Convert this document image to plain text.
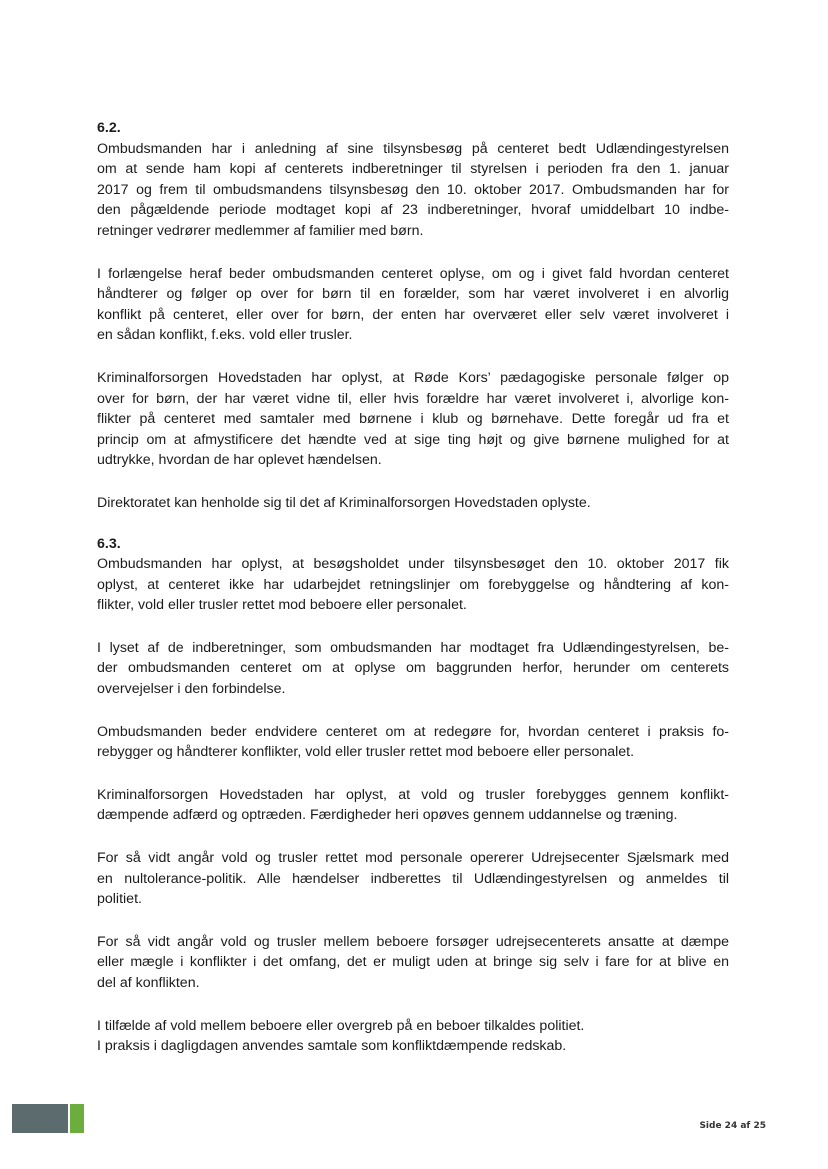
6.2.

Ombudsmanden har i anledning af sine tilsynsbesøg på centeret bedt Udlændingestyrelsen
om at sende ham kopi af centerets indberetninger til styrelsen i perioden fra den 1. januar
2017 og frem til ombudsmandens tilsynsbesøg den 10. oktober 2017. Ombudsmanden har for
den pågældende periode modtaget kopi af 23 indberetninger, hvoraf umiddelbart 10 indbe-
retninger vedrører medlemmer af familier med børn.

I forlængelse heraf beder ombudsmanden centeret oplyse, om og i givet fald hvordan centeret
håndterer og følger op over for børn til en forælder, som har været involveret i en alvorlig
konflikt på centeret, eller over for børn, der enten har overværet eller selv været involveret i
en sådan konflikt, f.eks. vold eller trusler.

Kriminalforsorgen Hovedstaden har oplyst, at Røde Kors’ pædagogiske personale følger op
over for børn, der har været vidne til, eller hvis forældre har været involveret i, alvorlige kon-
flikter på centeret med samtaler med børnene i klub og børnehave. Dette foregår ud fra et
princip om at afmystificere det hændte ved at sige ting højt og give børnene mulighed for at
udtrykke, hvordan de har oplevet hændelsen.

Direktoratet kan henholde sig til det af Kriminalforsorgen Hovedstaden oplyste.

6.3.

Ombudsmanden har oplyst, at besøgsholdet under tilsynsbesøget den 10. oktober 2017 fik
oplyst, at centeret ikke har udarbejdet retningslinjer om forebyggelse og håndtering af kon-
flikter, vold eller trusler rettet mod beboere eller personalet.

I lyset af de indberetninger, som ombudsmanden har modtaget fra Udlændingestyrelsen, be-
der ombudsmanden centeret om at oplyse om baggrunden herfor, herunder om centerets
overvejelser i den forbindelse.

Ombudsmanden beder endvidere centeret om at redegøre for, hvordan centeret i praksis fo-
rebygger og håndterer konflikter, vold eller trusler rettet mod beboere eller personalet.

Kriminalforsorgen Hovedstaden har oplyst, at vold og trusler forebygges gennem konflikt-
dæmpende adfærd og optræden. Færdigheder heri opøves gennem uddannelse og træning.

For så vidt angår vold og trusler rettet mod personale opererer Udrejsecenter Sjælsmark med
en nultolerance-politik. Alle hændelser indberettes til Udlændingestyrelsen og anmeldes til
politiet.

For så vidt angår vold og trusler mellem beboere forsøger udrejsecenterets ansatte at dæmpe
eller mægle i konflikter i det omfang, det er muligt uden at bringe sig selv i fare for at blive en
del af konflikten.

I tilfælde af vold mellem beboere eller overgreb på en beboer tilkaldes politiet.
I praksis i dagligdagen anvendes samtale som konfliktdæmpende redskab.

Side 24 af 25
